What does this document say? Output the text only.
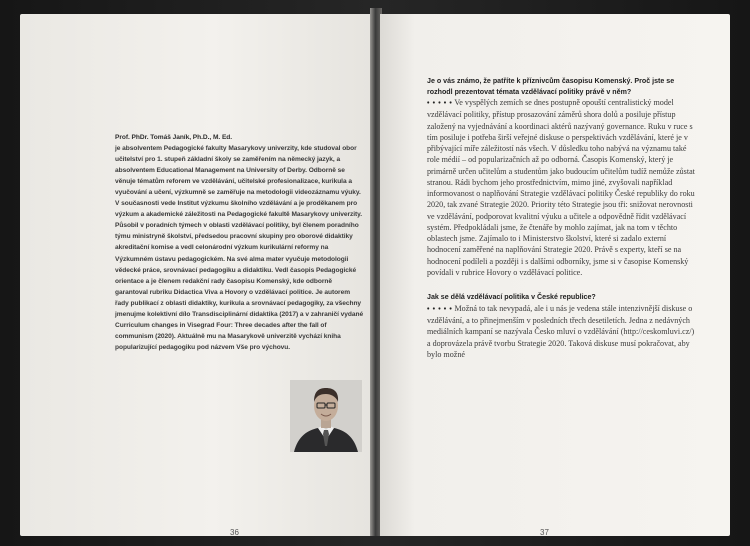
Prof. PhDr. Tomáš Janík, Ph.D., M. Ed.
je absolventem Pedagogické fakulty Masarykovy univerzity, kde studoval obor učitelství pro 1. stupeň základní školy se zaměřením na německý jazyk, a absolventem Educational Management na University of Derby. Odborně se věnuje tématům reforem ve vzdělávání, učitelské profesionalizace, kurikula a vyučování a učení, výzkumně se zaměřuje na metodologii videozáznamu výuky. V současnosti vede Institut výzkumu školního vzdělávání a je proděkanem pro výzkum a akademické záležitosti na Pedagogické fakultě Masarykovy univerzity. Působil v poradních týmech v oblasti vzdělávací politiky, byl členem poradního týmu ministryně školství, předsedou pracovní skupiny pro oborové didaktiky akreditační komise a vedl celonárodní výzkum kurikulární reformy na Výzkumném ústavu pedagogickém. Na své alma mater vyučuje metodologii vědecké práce, srovnávací pedagogiku a didaktiku. Vedl časopis Pedagogické orientace a je členem redakční rady časopisu Komenský, kde odborně garantoval rubriku Didactica Viva a Hovory o vzdělávací politice. Je autorem řady publikací z oblasti didaktiky, kurikula a srovnávací pedagogiky, za všechny jmenujme kolektivní dílo Transdisciplinární didaktika (2017) a v zahraničí vydané Curriculum changes in Visegrad Four: Three decades after the fall of communism (2020). Aktuálně mu na Masarykově univerzitě vychází kniha popularizující pedagogiku pod názvem Vše pro výchovu.
36
Je o vás známo, že patříte k příznivcům časopisu Komenský. Proč jste se rozhodl prezentovat témata vzdělávací politiky právě v něm?
• • • • • Ve vyspělých zemích se dnes postupně opouští centralistický model vzdělávací politiky, přístup prosazování záměrů shora dolů a posiluje přístup založený na vyjednávání a koordinaci aktérů nazývaný governance. Ruku v ruce s tím posiluje i potřeba širší veřejné diskuse o perspektivách vzdělávání, které je v přibývající míře záležitostí nás všech. V důsledku toho nabývá na významu také role médií – od popularizačních až po odborná. Časopis Komenský, který je primárně určen učitelům a studentům jako budoucím učitelům tudíž nemůže zůstat stranou. Rádi bychom jeho prostřednictvím, mimo jiné, zvyšovali například informovanost o naplňování Strategie vzdělávací politiky České republiky do roku 2020, tak zvané Strategie 2020. Priority této Strategie jsou tři: snižovat nerovnosti ve vzdělávání, podporovat kvalitní výuku a učitele a odpovědně řídit vzdělávací systém. Předpokládali jsme, že čtenáře by mohlo zajímat, jak na tom v těchto oblastech jsme. Zajímalo to i Ministerstvo školství, které si zadalo externí hodnocení zaměřené na naplňování Strategie 2020. Právě s experty, kteří se na hodnocení podíleli a později i s dalšími odborníky, jsme si v časopise Komenský povídali v rubrice Hovory o vzdělávací politice.
Jak se dělá vzdělávací politika v České republice?
• • • • • Možná to tak nevypadá, ale i u nás je vedena stále intenzivnější diskuse o vzdělávání, a to přinejmenším v posledních třech desetiletích. Jedna z nedávných mediálních kampaní se nazývala Česko mluví o vzdělávání (http://ceskomluvi.cz/) a doprovázela právě tvorbu Strategie 2020. Taková diskuse musí pokračovat, aby bylo možné
37
